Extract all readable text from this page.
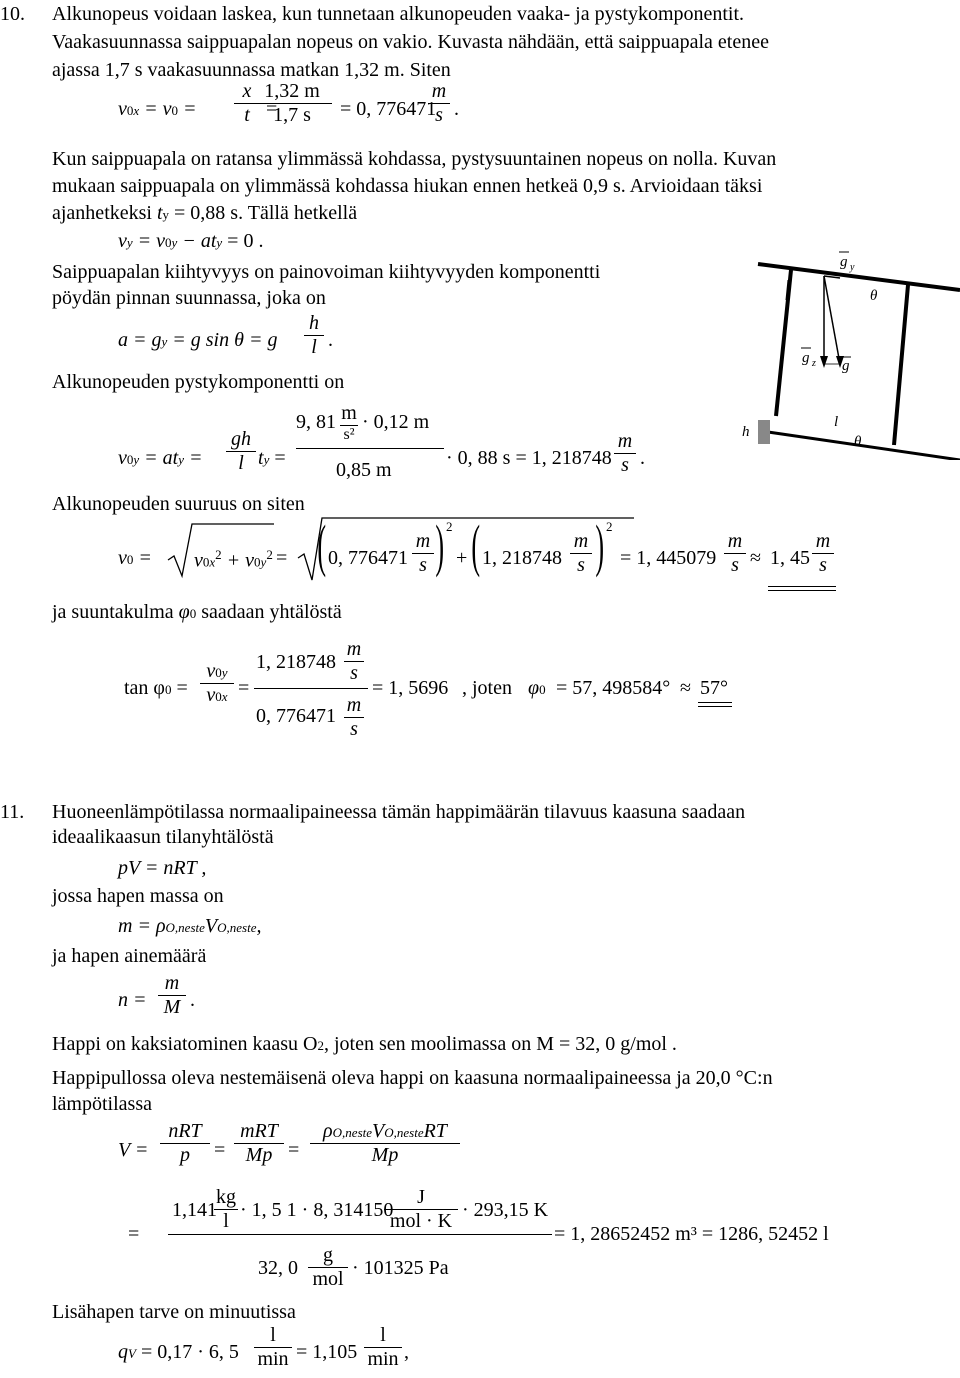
10. Alkunopeus voidaan laskea, kun tunnetaan alkunopeuden vaaka- ja pystykomponentit.
Vaakasuunnassa saippuapalan nopeus on vakio. Kuvasta nähdään, että saippuapala etenee
ajassa 1,7 s vaakasuunnassa matkan 1,32 m. Siten
v0x = v0 =
x
t =
1,32 m
1,7 s = 0, 776471
m
s .
Kun saippuapala on ratansa ylimmässä kohdassa, pystysuuntainen nopeus on nolla. Kuvan
mukaan saippuapala on ylimmässä kohdassa hiukan ennen hetkeä 0,9 s. Arvioidaan täksi
ajanhetkeksi ty = 0,88 s. Tällä hetkellä
vy = v0y − aty = 0 .
Saippuapalan kiihtyvyys on painovoiman kiihtyvyyden komponentti
pöydän pinnan suunnassa, joka on
a = gy = g sin θ = g
h
l .
Alkunopeuden pystykomponentti on
v0y = aty =
gh
l ty =
9, 81 m
s²
· 0,12 m
0,85 m
· 0, 88 s = 1, 218748
m
s .
Alkunopeuden suuruus on siten
$v0 = v0x^2 + v0y^2$ = ( 0, 776471
m
s ) 2
+ ( 1, 218748
m
s ) 2
= 1, 445079
m
s ≈ 1, 45
m
s
ja suuntakulma φ0 saadaan yhtälöstä
tan φ0 =
v0y
v0x =
1, 218748
m
s
0, 776471 m
s
= 1, 5696 , joten φ0 = 57, 498584° ≈ 57°
g y
θ
g z g
h
l
θ
11. Huoneenlämpötilassa normaalipaineessa tämän happimäärän tilavuus kaasuna saadaan
ideaalikaasun tilanyhtälöstä
pV = nRT ,
jossa hapen massa on
m = ρO,nesteVO,neste,
ja hapen ainemäärä
n =
m
M .
Happi on kaksiatominen kaasu O2, joten sen moolimassa on M = 32, 0 g/mol .
Happipullossa oleva nestemäisenä oleva happi on kaasuna normaalipaineessa ja 20,0 °C:n
lämpötilassa
V =
nRT
p =
mRT
Mp =
ρO,nesteVO,nesteRT
Mp
=
1,141
kg
l · 1, 5 1 · 8, 314150
J
mol · K · 293,15 K
32, 0
g
mol · 101325 Pa
= 1, 28652452 m³ = 1286, 52452 l
Lisähapen tarve on minuutissa
qV = 0,17 · 6, 5
l
min = 1,105
l
min ,
